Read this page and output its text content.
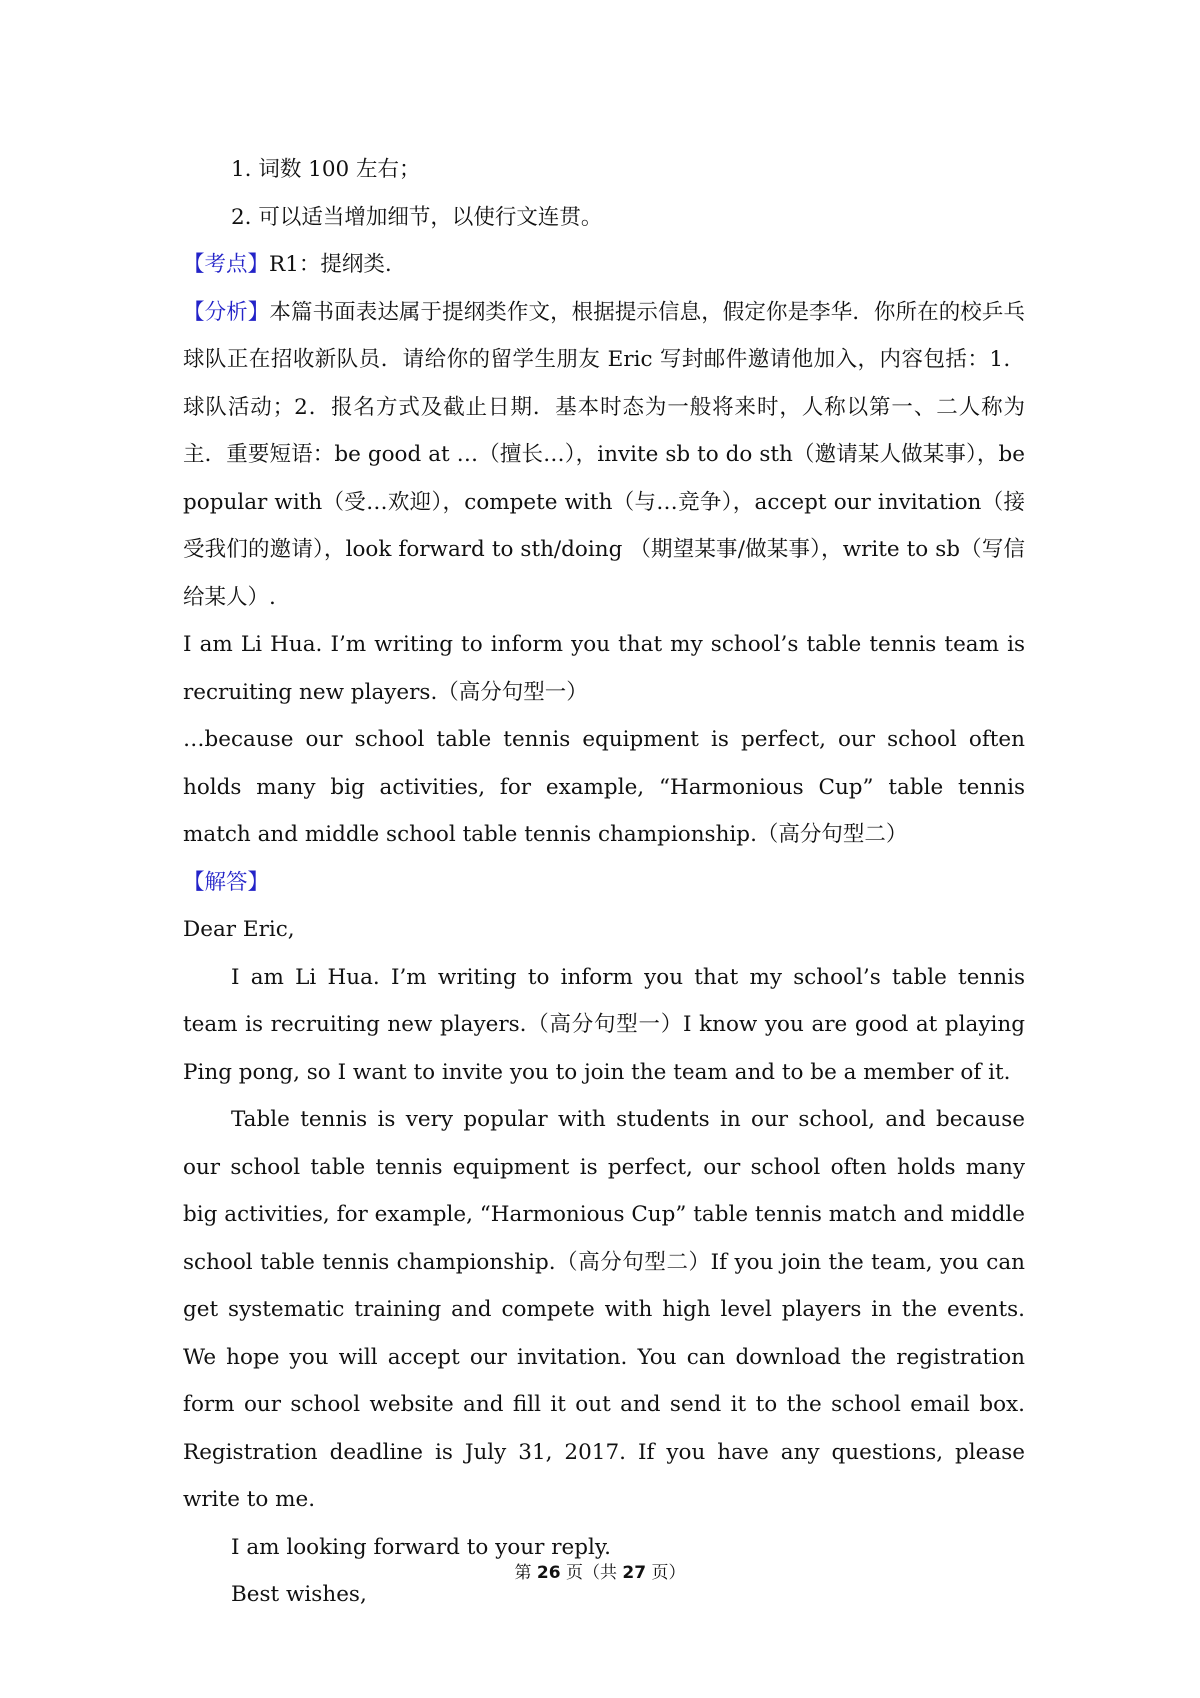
1. 词数 100 左右；
2. 可以适当增加细节，以使行文连贯。
【考点】R1：提纲类.
【分析】本篇书面表达属于提纲类作文，根据提示信息，假定你是李华．你所在的校乒乓球队正在招收新队员．请给你的留学生朋友 Eric 写封邮件邀请他加入，内容包括：1．球队活动；2．报名方式及截止日期．基本时态为一般将来时，人称以第一、二人称为主．重要短语：be good at …（擅长…），invite sb to do sth（邀请某人做某事），be popular with（受…欢迎），compete with（与…竞争），accept our invitation（接受我们的邀请），look forward to sth/doing （期望某事/做某事），write to sb（写信给某人）.
I am Li Hua. I’m writing to inform you that my school’s table tennis team is recruiting new players.（高分句型一）
…because our school table tennis equipment is perfect, our school often holds many big activities, for example, “Harmonious Cup” table tennis match and middle school table tennis championship.（高分句型二）
【解答】
Dear Eric,
I am Li Hua. I’m writing to inform you that my school’s table tennis team is recruiting new players.（高分句型一）I know you are good at playing Ping pong, so I want to invite you to join the team and to be a member of it.
Table tennis is very popular with students in our school, and because our school table tennis equipment is perfect, our school often holds many big activities, for example, “Harmonious Cup” table tennis match and middle school table tennis championship.（高分句型二）If you join the team, you can get systematic training and compete with high level players in the events. We hope you will accept our invitation. You can download the registration form our school website and fill it out and send it to the school email box. Registration deadline is July 31, 2017. If you have any questions, please write to me.
I am looking forward to your reply.
Best wishes,
第 26 页（共 27 页）
